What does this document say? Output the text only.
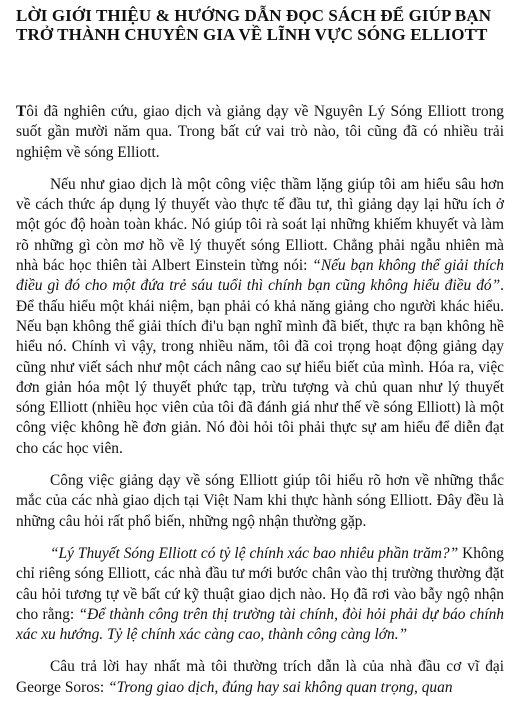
LỜI GIỚI THIỆU & HƯỚNG DẪN ĐỌC SÁCH ĐỂ GIÚP BẠN TRỞ THÀNH CHUYÊN GIA VỀ LĨNH VỰC SÓNG ELLIOTT

Tôi đã nghiên cứu, giao dịch và giảng dạy về Nguyên Lý Sóng Elliott trong suốt gần mười năm qua. Trong bất cứ vai trò nào, tôi cũng đã có nhiều trải nghiệm về sóng Elliott.

Nếu như giao dịch là một công việc thầm lặng giúp tôi am hiểu sâu hơn về cách thức áp dụng lý thuyết vào thực tế đầu tư, thì giảng dạy lại hữu ích ở một góc độ hoàn toàn khác. Nó giúp tôi rà soát lại những khiếm khuyết và làm rõ những gì còn mơ hồ về lý thuyết sóng Elliott. Chẳng phải ngẫu nhiên mà nhà bác học thiên tài Albert Einstein từng nói: “Nếu bạn không thể giải thích điều gì đó cho một đứa trẻ sáu tuổi thì chính bạn cũng không hiểu điều đó”. Để thấu hiểu một khái niệm, bạn phải có khả năng giảng cho người khác hiểu. Nếu bạn không thể giải thích đi'u bạn nghĩ mình đã biết, thực ra bạn không hề hiểu nó. Chính vì vậy, trong nhiều năm, tôi đã coi trọng hoạt động giảng dạy cũng như viết sách như một cách nâng cao sự hiểu biết của mình. Hóa ra, việc đơn giản hóa một lý thuyết phức tạp, trừu tượng và chủ quan như lý thuyết sóng Elliott (nhiều học viên của tôi đã đánh giá như thế về sóng Elliott) là một công việc không hề đơn giản. Nó đòi hỏi tôi phải thực sự am hiểu để diễn đạt cho các học viên.

Công việc giảng dạy về sóng Elliott giúp tôi hiểu rõ hơn về những thắc mắc của các nhà giao dịch tại Việt Nam khi thực hành sóng Elliott. Đây đều là những câu hỏi rất phổ biến, những ngộ nhận thường gặp.

“Lý Thuyết Sóng Elliott có tỷ lệ chính xác bao nhiêu phần trăm?” Không chỉ riêng sóng Elliott, các nhà đầu tư mới bước chân vào thị trường thường đặt câu hỏi tương tự về bất cứ kỹ thuật giao dịch nào. Họ đã rơi vào bẫy ngộ nhận cho rằng: “Để thành công trên thị trường tài chính, đòi hỏi phải dự báo chính xác xu hướng. Tỷ lệ chính xác càng cao, thành công càng lớn.”

Câu trả lời hay nhất mà tôi thường trích dẫn là của nhà đầu cơ vĩ đại George Soros: “Trong giao dịch, đúng hay sai không quan trọng, quan
